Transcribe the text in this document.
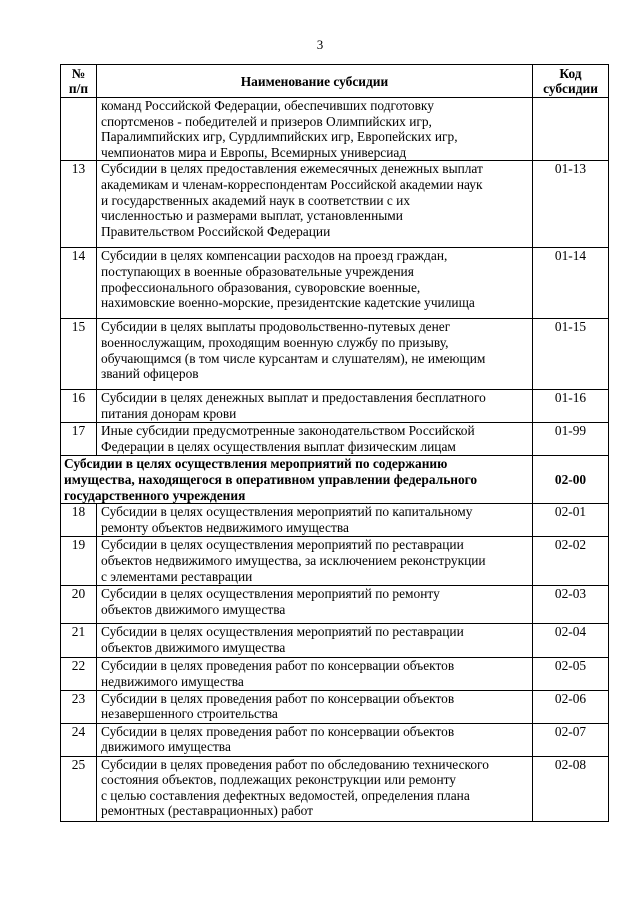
3
№
п/п	Наименование субсидии	Код
субсидии

	команд Российской Федерации, обеспечивших подготовку
спортсменов - победителей и призеров Олимпийских игр,
Паралимпийских игр, Сурдлимпийских игр, Европейских игр,
чемпионатов мира и Европы, Всемирных универсиад	

13	Субсидии в целях предоставления ежемесячных денежных выплат
академикам и членам-корреспондентам Российской академии наук
и государственных академий наук в соответствии с их
численностью и размерами выплат, установленными
Правительством Российской Федерации	01-13
14	Субсидии в целях компенсации расходов на проезд граждан,
поступающих в военные образовательные учреждения
профессионального образования, суворовские военные,
нахимовские военно-морские, президентские кадетские училища	01-14
15	Субсидии в целях выплаты продовольственно-путевых денег
военнослужащим, проходящим военную службу по призыву,
обучающимся (в том числе курсантам и слушателям), не имеющим
званий офицеров	01-15
16	Субсидии в целях денежных выплат и предоставления бесплатного
питания донорам крови	01-16
17	Иные субсидии предусмотренные законодательством Российской
Федерации в целях осуществления выплат физическим лицам	01-99

Субсидии в целях осуществления мероприятий по содержанию
имущества, находящегося в оперативном управлении федерального
государственного учреждения		02-00
18	Субсидии в целях осуществления мероприятий по капитальному
ремонту объектов недвижимого имущества	02-01
19	Субсидии в целях осуществления мероприятий по реставрации
объектов недвижимого имущества, за исключением реконструкции
с элементами реставрации	02-02
20	Субсидии в целях осуществления мероприятий по ремонту
объектов движимого имущества	02-03
21	Субсидии в целях осуществления мероприятий по реставрации
объектов движимого имущества	02-04
22	Субсидии в целях проведения работ по консервации объектов
недвижимого имущества	02-05
23	Субсидии в целях проведения работ по консервации объектов
незавершенного строительства	02-06
24	Субсидии в целях проведения работ по консервации объектов
движимого имущества	02-07
25	Субсидии в целях проведения работ по обследованию технического
состояния объектов, подлежащих реконструкции или ремонту
с целью составления дефектных ведомостей, определения плана
ремонтных (реставрационных) работ	02-08
